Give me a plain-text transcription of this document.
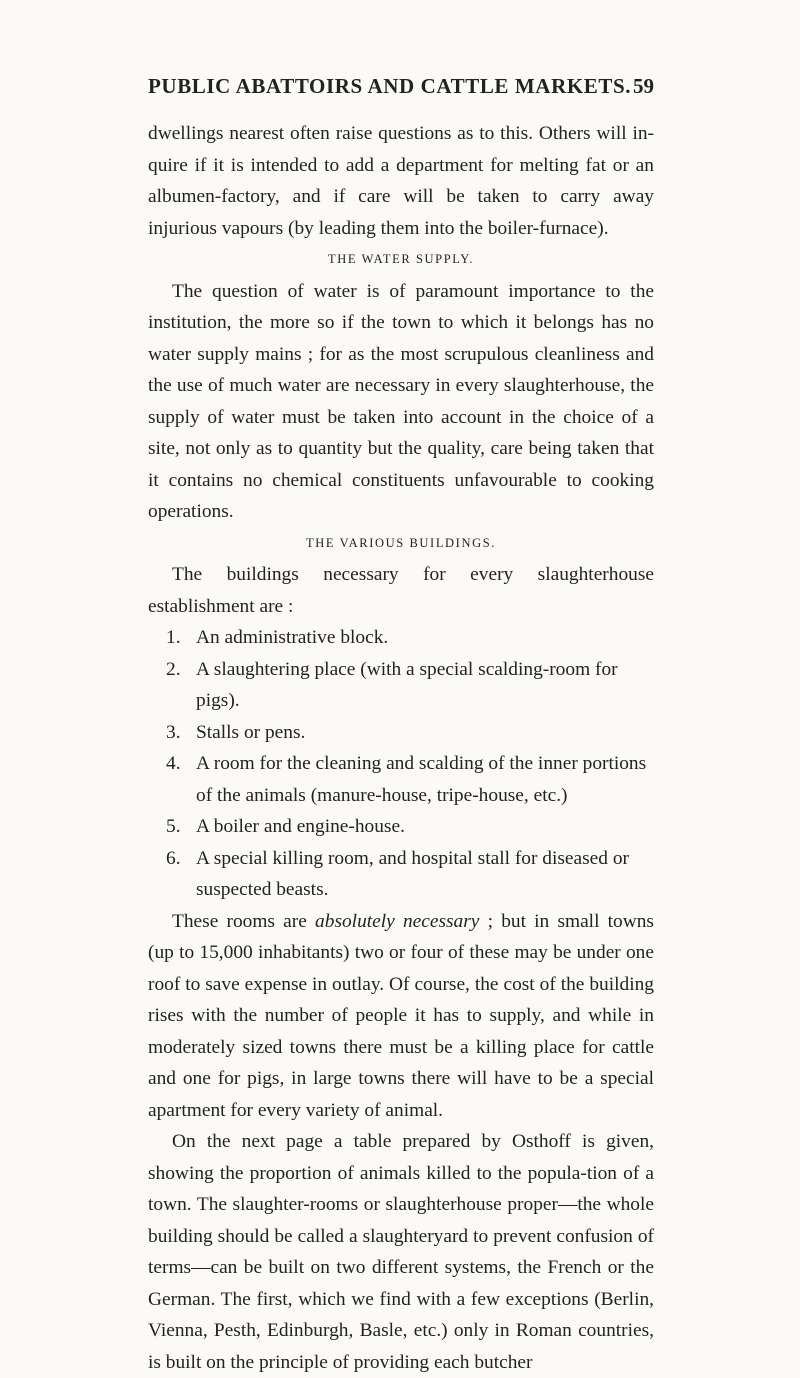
PUBLIC ABATTOIRS AND CATTLE MARKETS. 59

dwellings nearest often raise questions as to this. Others will in-quire if it is intended to add a department for melting fat or an albumen-factory, and if care will be taken to carry away injurious vapours (by leading them into the boiler-furnace).

THE WATER SUPPLY.

The question of water is of paramount importance to the institution, the more so if the town to which it belongs has no water supply mains ; for as the most scrupulous cleanliness and the use of much water are necessary in every slaughterhouse, the supply of water must be taken into account in the choice of a site, not only as to quantity but the quality, care being taken that it contains no chemical constituents unfavourable to cooking operations.

THE VARIOUS BUILDINGS.

The buildings necessary for every slaughterhouse establishment are :

1. An administrative block.
2. A slaughtering place (with a special scalding-room for pigs).
3. Stalls or pens.
4. A room for the cleaning and scalding of the inner portions of the animals (manure-house, tripe-house, etc.)
5. A boiler and engine-house.
6. A special killing room, and hospital stall for diseased or suspected beasts.

These rooms are absolutely necessary ; but in small towns (up to 15,000 inhabitants) two or four of these may be under one roof to save expense in outlay. Of course, the cost of the building rises with the number of people it has to supply, and while in moderately sized towns there must be a killing place for cattle and one for pigs, in large towns there will have to be a special apartment for every variety of animal.

On the next page a table prepared by Osthoff is given, showing the proportion of animals killed to the popula-tion of a town. The slaughter-rooms or slaughterhouse proper—the whole building should be called a slaughteryard to prevent confusion of terms—can be built on two different systems, the French or the German. The first, which we find with a few exceptions (Berlin, Vienna, Pesth, Edinburgh, Basle, etc.) only in Roman countries, is built on the principle of providing each butcher
